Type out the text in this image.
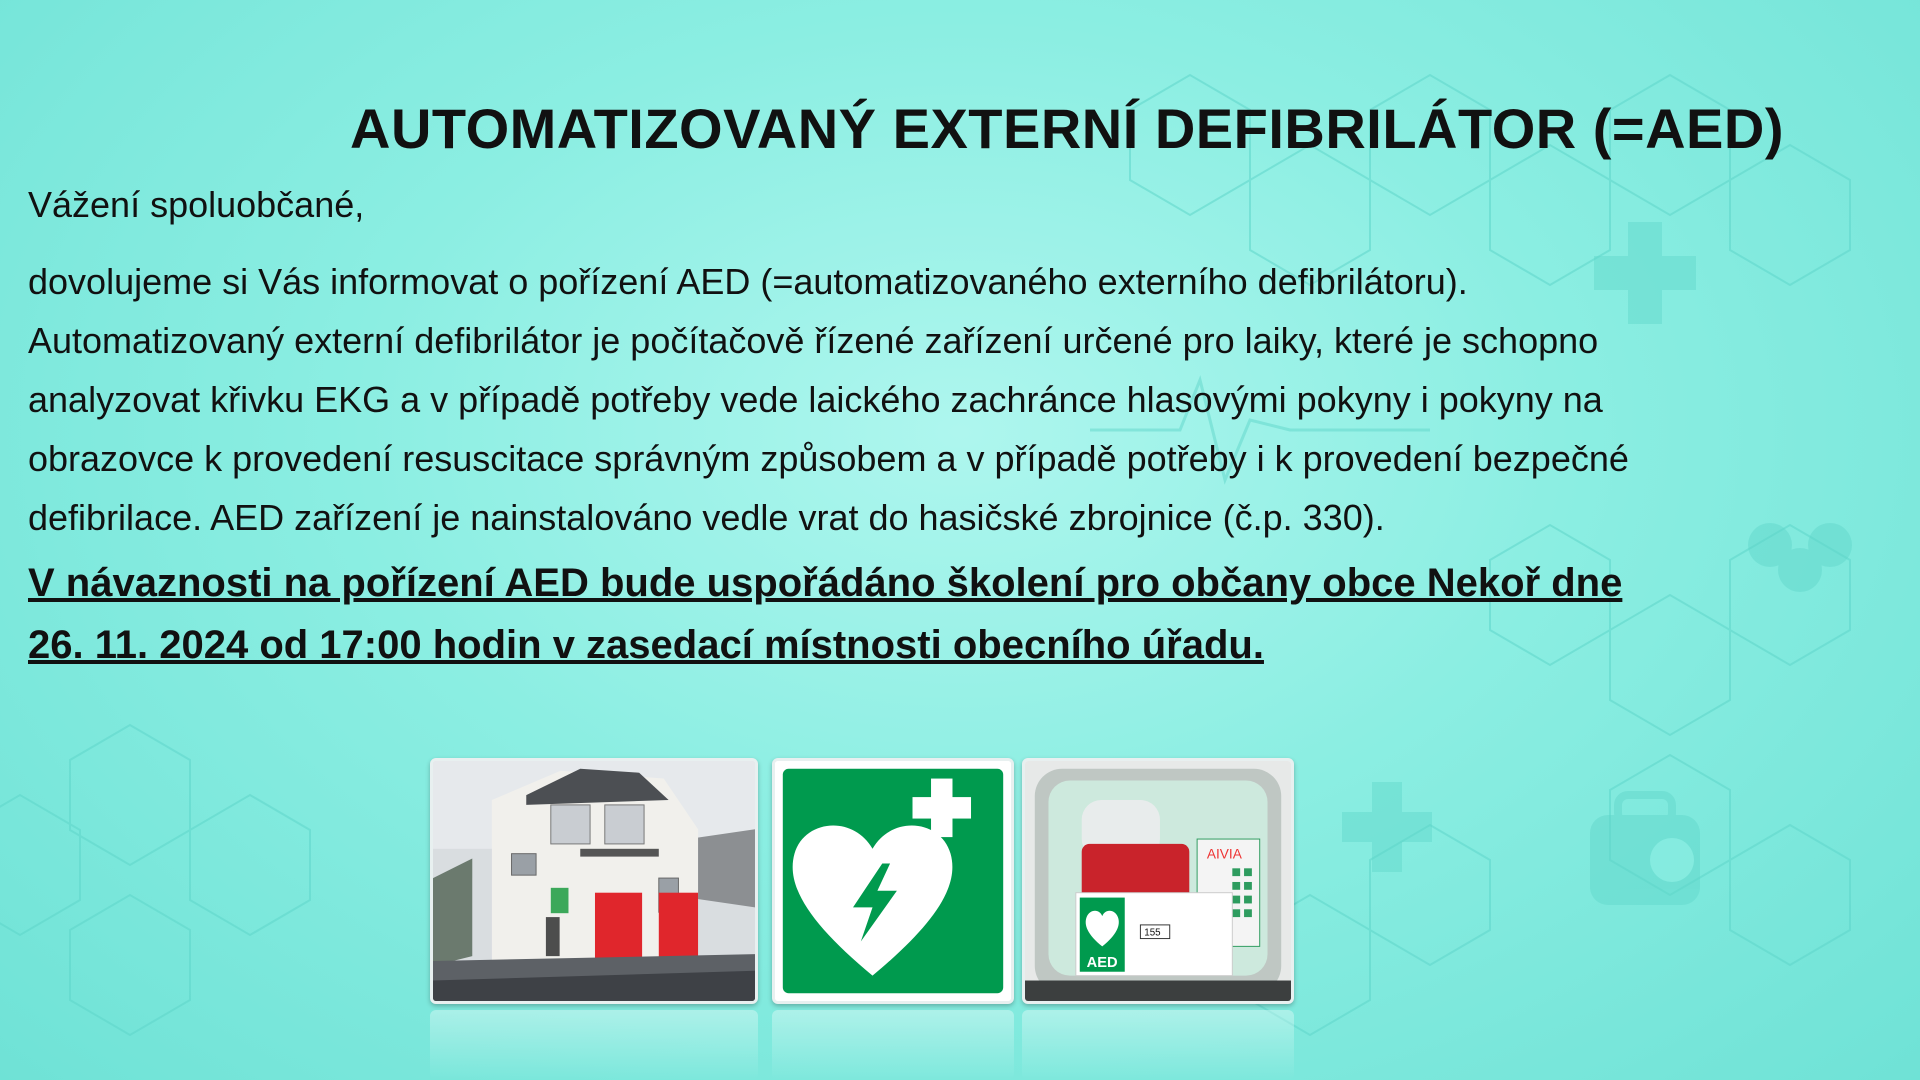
AUTOMATIZOVANÝ EXTERNÍ DEFIBRILÁTOR (=AED)
Vážení spoluobčané,
dovolujeme si Vás informovat o pořízení AED (=automatizovaného externího defibrilátoru).
Automatizovaný externí defibrilátor je počítačově řízené zařízení určené pro laiky, které je schopno
analyzovat křivku EKG a v případě potřeby vede laického zachránce hlasovými pokyny i pokyny na
obrazovce k provedení resuscitace správným způsobem a v případě potřeby i k provedení bezpečné
defibrilace. AED zařízení je nainstalováno vedle vrat do hasičské zbrojnice (č.p. 330).
V návaznosti na pořízení AED bude uspořádáno školení pro občany obce Nekoř dne
26. 11. 2024 od 17:00 hodin v zasedací místnosti obecního úřadu.
AIVIA
AED
155
